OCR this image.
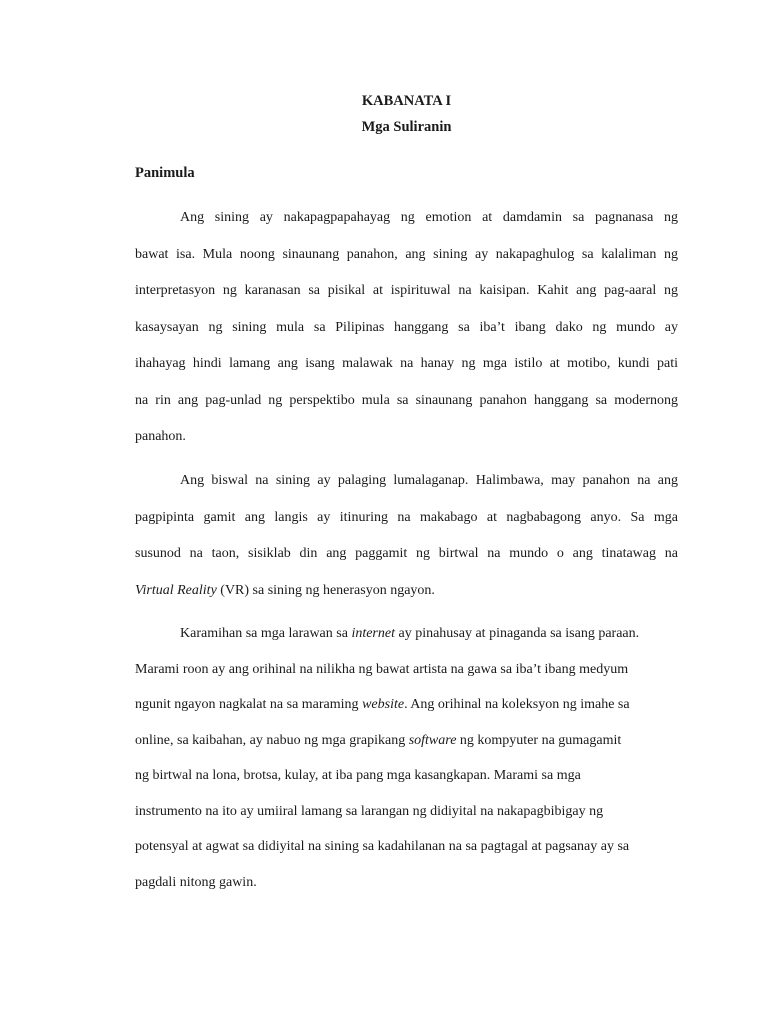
KABANATA I
Mga Suliranin
Panimula
Ang sining ay nakapagpapahayag ng emotion at damdamin sa pagnanasa ng
bawat isa. Mula noong sinaunang panahon, ang sining ay nakapaghulog sa kalaliman ng
interpretasyon ng karanasan sa pisikal at ispirituwal na kaisipan. Kahit ang pag-aaral ng
kasaysayan ng sining mula sa Pilipinas hanggang sa iba’t ibang dako ng mundo ay
ihahayag hindi lamang ang isang malawak na hanay ng mga istilo at motibo, kundi pati
na rin ang pag-unlad ng perspektibo mula sa sinaunang panahon hanggang sa modernong
panahon.
Ang biswal na sining ay palaging lumalaganap. Halimbawa, may panahon na ang
pagpipinta gamit ang langis ay itinuring na makabago at nagbabagong anyo. Sa mga
susunod na taon, sisiklab din ang paggamit ng birtwal na mundo o ang tinatawag na
Virtual Reality (VR) sa sining ng henerasyon ngayon.
Karamihan sa mga larawan sa internet ay pinahusay at pinaganda sa isang paraan.
Marami roon ay ang orihinal na nilikha ng bawat artista na gawa sa iba’t ibang medyum
ngunit ngayon nagkalat na sa maraming website. Ang orihinal na koleksyon ng imahe sa
online, sa kaibahan, ay nabuo ng mga grapikang software ng kompyuter na gumagamit
ng birtwal na lona, brotsa, kulay, at iba pang mga kasangkapan. Marami sa mga
instrumento na ito ay umiiral lamang sa larangan ng didiyital na nakapagbibigay ng
potensyal at agwat sa didiyital na sining sa kadahilanan na sa pagtagal at pagsanay ay sa
pagdali nitong gawin.
